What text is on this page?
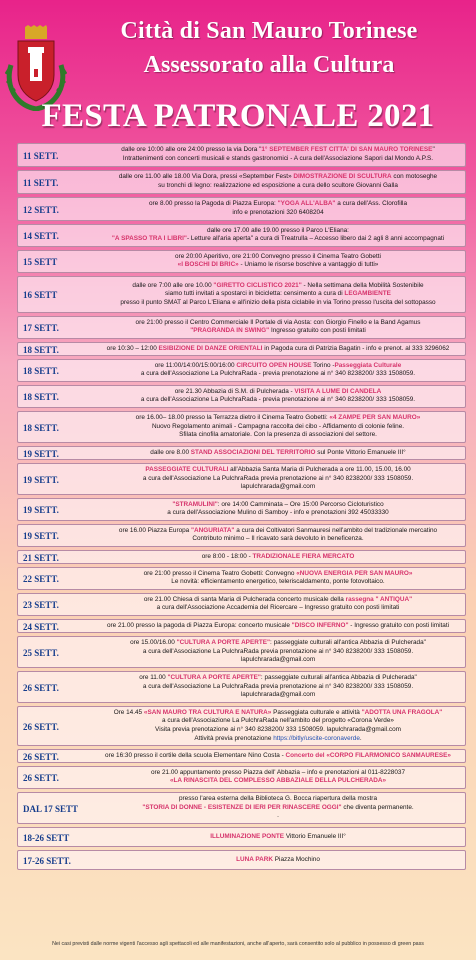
Città di San Mauro Torinese
Assessorato alla Cultura
FESTA PATRONALE 2021
11 SETT.
dalle ore 10:00 alle ore 24:00 presso la via Dora "1° SEPTEMBER FEST CITTA' DI SAN MAURO TORINESE"
Intrattenimenti con concerti musicali e stands gastronomici - A cura dell'Associazione Sapori dal Mondo A.P.S.
11 SETT.
dalle ore 11.00 alle 18.00 Via Dora, pressi «September Fest» DIMOSTRAZIONE DI SCULTURA con motoseghe
su tronchi di legno: realizzazione ed esposizione a cura dello scultore Giovanni Galla
12 SETT.
ore 8.00 presso la Pagoda di Piazza Europa: "YOGA ALL'ALBA" a cura dell'Ass. Clorofilla
info e prenotazioni 320 6408204
14 SETT.
dalle ore 17.00 alle 19.00 presso il Parco L'Eliana:
"A SPASSO TRA I LIBRI"- Letture all'aria aperta" a cura di Treatrulla – Accesso libero dai 2 agli 8 anni accompagnati
15 SETT
ore 20:00 Aperitivo, ore 21:00 Convegno presso il Cinema Teatro Gobetti
«I BOSCHI DI BRIC» - Uniamo le risorse boschive a vantaggio di tutti»
16 SETT
dalle ore 7:00 alle ore 10.00 "GIRETTO CICLISTICO 2021" - Nella settimana della Mobilità Sostenibile
siamo tutti invitati a spostarci in bicicletta: censimento a cura di LEGAMBIENTE
presso il punto SMAT al Parco L'Eliana e all'inizio della pista ciclabile in via Torino presso l'uscita del sottopasso
17 SETT.
ore 21:00 presso il Centro Commerciale Il Portale di via Aosta: con Giorgio Finello e la Band Agamus
"PRAGRANDA IN SWING" Ingresso gratuito con posti limitati
18 SETT.	ore 10:30 – 12:00 ESIBIZIONE DI DANZE ORIENTALI in Pagoda cura di Patrizia Bagatin - info e prenot. al 333 3296062
18 SETT.
ore 11:00/14:00/15:00/16:00 CIRCUITO OPEN HOUSE Torino -Passeggiata Culturale
a cura dell'Associazione La PulchraRada - previa prenotazione ai n° 340 8238200/ 333 1508059.
18 SETT.
ore 21.30 Abbazia di S.M. di Pulcherada - VISITA A LUME DI CANDELA
a cura dell'Associazione La PulchraRada - previa prenotazione ai n° 340 8238200/ 333 1508059.
18 SETT.
ore 16.00– 18.00 presso la Terrazza dietro il Cinema Teatro Gobetti: «4 ZAMPE PER SAN MAURO»
Nuovo Regolamento animali - Campagna raccolta dei cibo - Affidamento di colonie feline.
Sfilata cinofila amatoriale. Con la presenza di associazioni del settore.
19 SETT.	dalle ore 8.00 STAND ASSOCIAZIONI DEL TERRITORIO sul Ponte Vittorio Emanuele III°
19 SETT.
PASSEGGIATE CULTURALI all'Abbazia Santa Maria di Pulcherada a ore 11.00, 15.00, 16.00
a cura dell'Associazione La PulchraRada previa prenotazione ai n° 340 8238200/ 333 1508059.
lapulchrarada@gmail.com
19 SETT.
"STRAMULINI": ore 14:00 Camminata – Ore 15:00 Percorso Cicloturistico
a cura dell'Associazione Mulino di Samboy - info e prenotazioni 392 45033330
19 SETT.
ore 16.00 Piazza Europa "ANGURIATA" a cura dei Coltivatori Sanmauresi nell'ambito del tradizionale mercatino
Contributo minimo – Il ricavato sarà devoluto in beneficenza.
21 SETT.	ore 8:00 - 18:00 - TRADIZIONALE FIERA MERCATO
22 SETT.
ore 21:00 presso il Cinema Teatro Gobetti: Convegno «NUOVA ENERGIA PER SAN MAURO»
Le novità: efficientamento energetico, teleriscaldamento, ponte fotovoltaico.
23 SETT.
ore 21.00 Chiesa di santa Maria di Pulcherada concerto musicale della rassegna " ANTIQUA"
a cura dell'Associazione Accademia del Ricercare – Ingresso gratuito con posti limitati
24 SETT.	ore 21.00 presso la pagoda di Piazza Europa: concerto musicale "DISCO INFERNO" - Ingresso gratuito con posti limitati
25 SETT.
ore 15.00/16.00 "CULTURA A PORTE APERTE": passeggiate culturali all'antica Abbazia di Pulcherada"
a cura dell'Associazione La PulchraRada previa prenotazione ai n° 340 8238200/ 333 1508059.
lapulchrarada@gmail.com
26 SETT.
ore 11.00 "CULTURA A PORTE APERTE": passeggiate culturali all'antica Abbazia di Pulcherada"
a cura dell'Associazione La PulchraRada previa prenotazione ai n° 340 8238200/ 333 1508059.
lapulchrarada@gmail.com
26 SETT.
Ore 14.45 «SAN MAURO TRA CULTURA E NATURA» Passeggiata culturale e attività "ADOTTA UNA FRAGOLA"
a cura dell'Associazione La PulchraRada nell'ambito del progetto «Corona Verde»
Visita previa prenotazione ai n° 340 8238200/ 333 1508059. lapulchrarada@gmail.com
Attività previa prenotazione https://bitly/uscite-coronaverde.
26 SETT.	ore 16:30 presso il cortile della scuola Elementare Nino Costa - Concerto del «CORPO FILARMONICO SANMAURESE»
26 SETT.
ore 21.00 appuntamento presso Piazza dell' Abbazia – info e prenotazioni al 011-8228037
«LA RINASCITA DEL COMPLESSO ABBAZIALE DELLA PULCHERADA»
DAL 17 SETT
presso l'area esterna della Biblioteca G. Bocca riapertura della mostra
"STORIA DI DONNE - ESISTENZE DI IERI PER RINASCERE OGGI" che diventa permanente.
.
18-26 SETT	ILLUMINAZIONE PONTE Vittorio Emanuele III°
17-26 SETT.	LUNA PARK Piazza Mochino
Nei casi previsti dalle norme vigenti l'accesso agli spettacoli ed alle manifestazioni, anche all'aperto, sarà consentito solo al pubblico in possesso di green pass
